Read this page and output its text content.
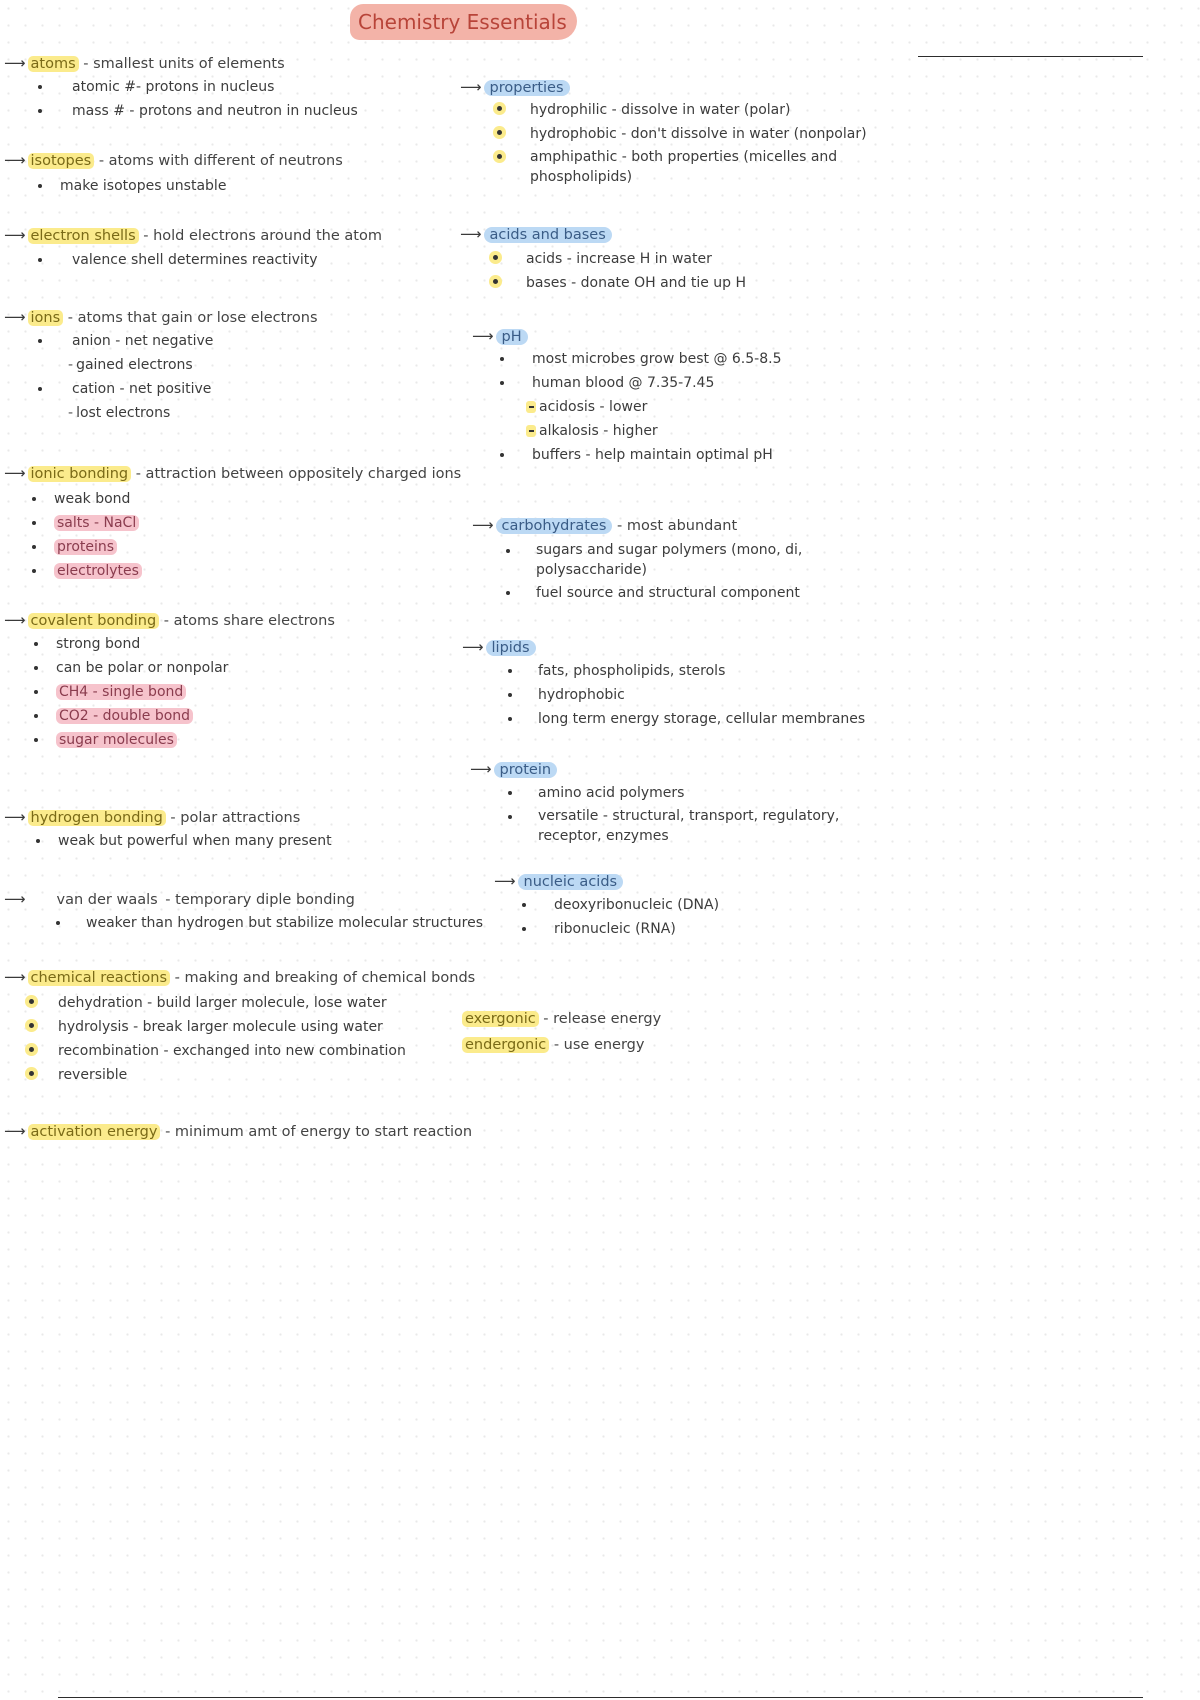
Chemistry Essentials
⟶ atoms - smallest units of elements
atomic #- protons in nucleus
mass # - protons and neutron in nucleus
⟶ isotopes - atoms with different of neutrons
make isotopes unstable
⟶ electron shells - hold electrons around the atom
valence shell determines reactivity
⟶ ions - atoms that gain or lose electrons
anion - net negative
- gained electrons
cation - net positive
- lost electrons
⟶ ionic bonding - attraction between oppositely charged ions
weak bond
salts - NaCl
proteins
electrolytes
⟶ covalent bonding - atoms share electrons
strong bond
can be polar or nonpolar
CH4 - single bond
CO2 - double bond
sugar molecules
⟶ hydrogen bonding - polar attractions
weak but powerful when many present
⟶ van der waals - temporary diple bonding
weaker than hydrogen but stabilize molecular structures
⟶ chemical reactions - making and breaking of chemical bonds
dehydration - build larger molecule, lose water
hydrolysis - break larger molecule using water
recombination - exchanged into new combination
reversible
exergonic - release energy
endergonic - use energy
⟶ activation energy - minimum amt of energy to start reaction
⟶ properties
hydrophilic - dissolve in water (polar)
hydrophobic - don't dissolve in water (nonpolar)
amphipathic - both properties (micelles and phospholipids)
⟶ acids and bases
acids - increase H in water
bases - donate OH and tie up H
⟶ pH
most microbes grow best @ 6.5-8.5
human blood @ 7.35-7.45
acidosis - lower
alkalosis - higher
buffers - help maintain optimal pH
⟶ carbohydrates - most abundant
sugars and sugar polymers (mono, di, polysaccharide)
fuel source and structural component
⟶ lipids
fats, phospholipids, sterols
hydrophobic
long term energy storage, cellular membranes
⟶ protein
amino acid polymers
versatile - structural, transport, regulatory, receptor, enzymes
⟶ nucleic acids
deoxyribonucleic (DNA)
ribonucleic (RNA)
